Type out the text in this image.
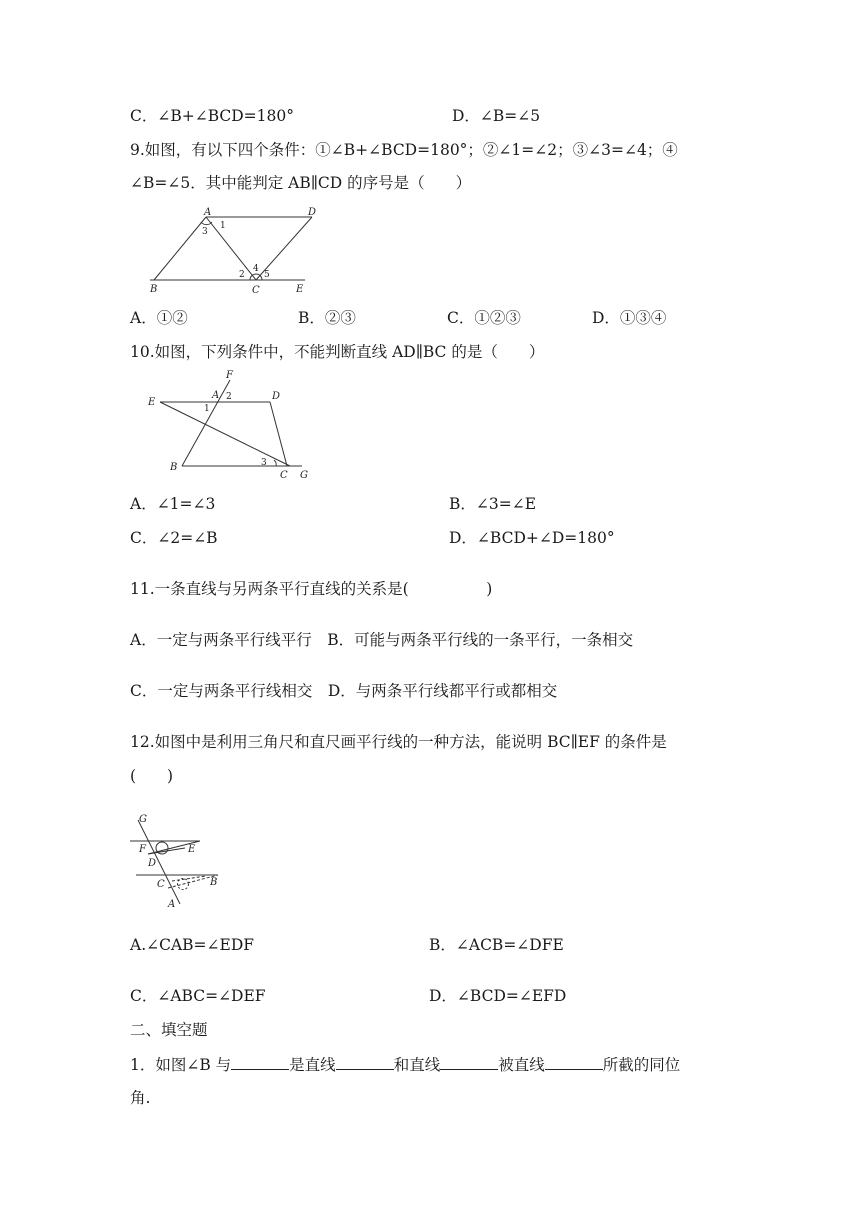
C．∠B+∠BCD=180°	D．∠B=∠5
9.如图，有以下四个条件：①∠B+∠BCD=180°；②∠1=∠2；③∠3=∠4；④
∠B=∠5．其中能判定 AB∥CD 的序号是（　　）
A	D
B	C	E
1
3
2
4
5
A．①②	B．②③	C．①②③	D．①③④
10.如图，下列条件中，不能判断直线 AD∥BC 的是（　　）
F
A 2	D
E
1
B	3
C G
A．∠1=∠3	B．∠3=∠E
C．∠2=∠B	D．∠BCD+∠D=180°
11.一条直线与另两条平行直线的关系是(　　　　　)
A．一定与两条平行线平行　B．可能与两条平行线的一条平行，一条相交
C．一定与两条平行线相交　D．与两条平行线都平行或都相交
12.如图中是利用三角尺和直尺画平行线的一种方法，能说明 BC∥EF 的条件是
(　　)
G
F	E
D
C	B
A
A.∠CAB=∠EDF	B．∠ACB=∠DFE
C．∠ABC=∠DEF	D．∠BCD=∠EFD
二、填空题
1．如图∠B 与	是直线	和直线	被直线	所截的同位
角.
